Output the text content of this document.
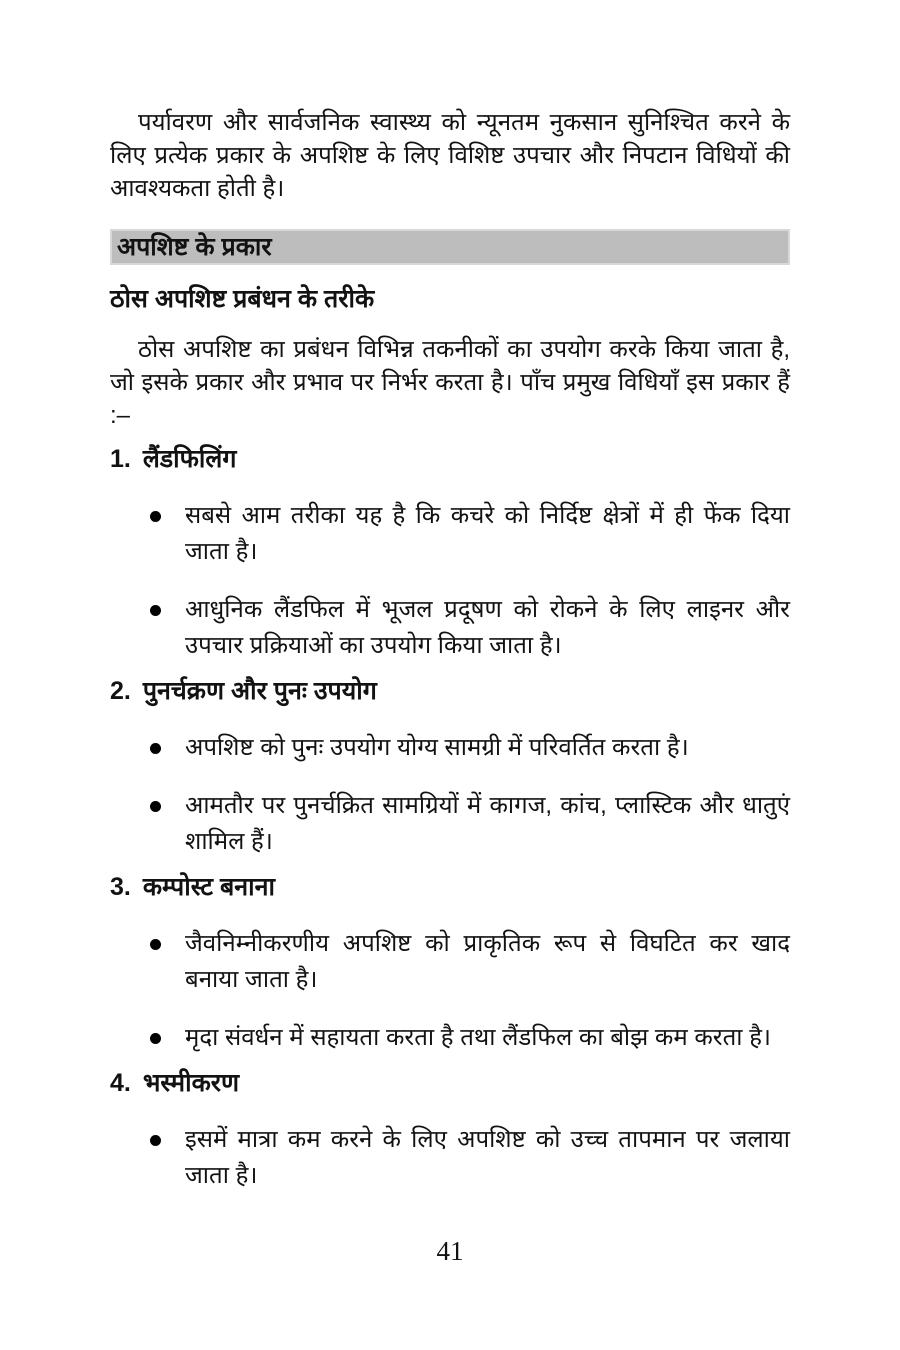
पर्यावरण और सार्वजनिक स्वास्थ्य को न्यूनतम नुकसान सुनिश्चित करने के लिए प्रत्येक प्रकार के अपशिष्ट के लिए विशिष्ट उपचार और निपटान विधियों की आवश्यकता होती है।

अपशिष्ट के प्रकार
ठोस अपशिष्ट प्रबंधन के तरीके

ठोस अपशिष्ट का प्रबंधन विभिन्न तकनीकों का उपयोग करके किया जाता है, जो इसके प्रकार और प्रभाव पर निर्भर करता है। पाँच प्रमुख विधियाँ इस प्रकार हैं :–

1. लैंडफिलिंग
सबसे आम तरीका यह है कि कचरे को निर्दिष्ट क्षेत्रों में ही फेंक दिया जाता है।
आधुनिक लैंडफिल में भूजल प्रदूषण को रोकने के लिए लाइनर और उपचार प्रक्रियाओं का उपयोग किया जाता है।
2. पुनर्चक्रण और पुनः उपयोग
अपशिष्ट को पुनः उपयोग योग्य सामग्री में परिवर्तित करता है।
आमतौर पर पुनर्चक्रित सामग्रियों में कागज, कांच, प्लास्टिक और धातुएं शामिल हैं।
3. कम्पोस्ट बनाना
जैवनिम्नीकरणीय अपशिष्ट को प्राकृतिक रूप से विघटित कर खाद बनाया जाता है।
मृदा संवर्धन में सहायता करता है तथा लैंडफिल का बोझ कम करता है।
4. भस्मीकरण
इसमें मात्रा कम करने के लिए अपशिष्ट को उच्च तापमान पर जलाया जाता है।
41
